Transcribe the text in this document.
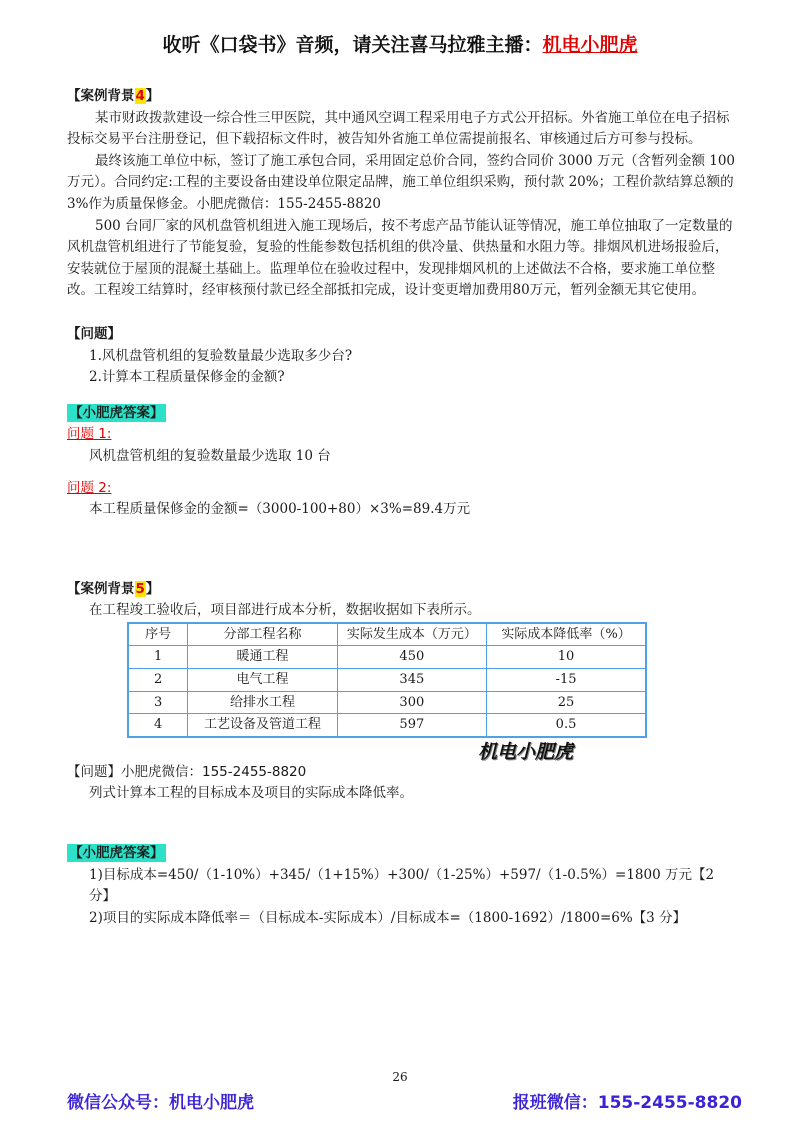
收听《口袋书》音频，请关注喜马拉雅主播：机电小肥虎
【案例背景4】

某市财政拨款建设一综合性三甲医院，其中通风空调工程采用电子方式公开招标。外省施工单位在电子招标投标交易平台注册登记，但下载招标文件时，被告知外省施工单位需提前报名、审核通过后方可参与投标。

最终该施工单位中标，签订了施工承包合同，采用固定总价合同，签约合同价 3000 万元（含暂列金额 100 万元）。合同约定:工程的主要设备由建设单位限定品牌，施工单位组织采购，预付款 20%；工程价款结算总额的 3%作为质量保修金。小肥虎微信：155-2455-8820

500 台同厂家的风机盘管机组进入施工现场后，按不考虑产品节能认证等情况，施工单位抽取了一定数量的风机盘管机组进行了节能复验，复验的性能参数包括机组的供冷量、供热量和水阻力等。排烟风机进场报验后，安装就位于屋顶的混凝土基础上。监理单位在验收过程中，发现排烟风机的上述做法不合格，要求施工单位整改。工程竣工结算时，经审核预付款已经全部抵扣完成，设计变更增加费用80万元，暂列金额无其它使用。

【问题】

1.风机盘管机组的复验数量最少选取多少台?

2.计算本工程质量保修金的金额?

【小肥虎答案】
问题 1:

风机盘管机组的复验数量最少选取 10 台

问题 2:

本工程质量保修金的金额=（3000-100+80）×3%=89.4万元

【案例背景5】

在工程竣工验收后，项目部进行成本分析，数据收据如下表所示。

序号	分部工程名称	实际发生成本（万元）	实际成本降低率（%）
1	暖通工程	450	10
2	电气工程	345	-15
3	给排水工程	300	25
4	工艺设备及管道工程	597	0.5
【问题】小肥虎微信：155-2455-8820

列式计算本工程的目标成本及项目的实际成本降低率。

【小肥虎答案】

1)目标成本=450/（1-10%）+345/（1+15%）+300/（1-25%）+597/（1-0.5%）=1800 万元【2 分】

2)项目的实际成本降低率＝（目标成本-实际成本）/目标成本=（1800-1692）/1800=6%【3 分】

机电小肥虎
26
微信公众号：机电小肥虎	报班微信：155-2455-8820
